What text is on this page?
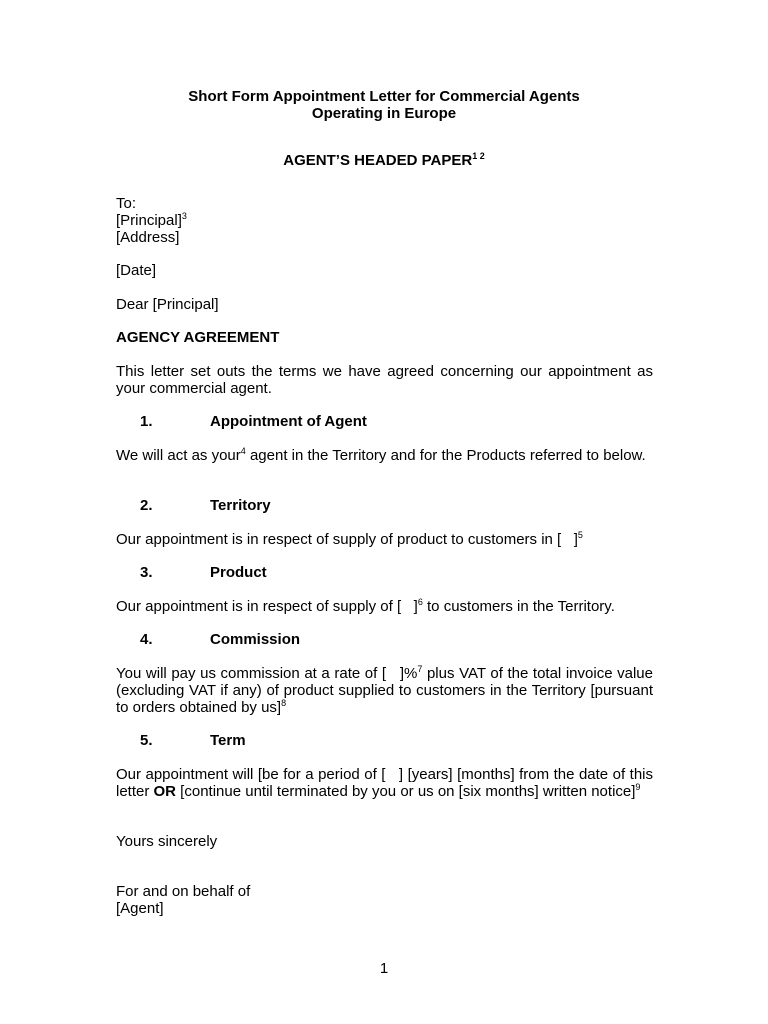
Short Form Appointment Letter for Commercial Agents
Operating in Europe

AGENT’S HEADED $PAPER^{1 2}$

To:
[Principal]$^3$
[Address]

[Date]

Dear [Principal]

AGENCY AGREEMENT

This letter set outs the terms we have agreed concerning our appointment as your commercial agent.

1.	Appointment of Agent

We will act as your$^4$ agent in the Territory and for the Products referred to below.

2.	Territory

Our appointment is in respect of supply of product to customers in [   ]$^5$

3.	Product

Our appointment is in respect of supply of [   ]$^6$ to customers in the Territory.

4.	Commission

You will pay us commission at a rate of [   ]%$^7$ plus VAT of the total invoice value (excluding VAT if any) of product supplied to customers in the Territory [pursuant to orders obtained by us]$^8$

5.	Term

Our appointment will [be for a period of [   ] [years] [months] from the date of this letter OR [continue until terminated by you or us on [six months] written notice]$^9$

Yours sincerely

For and on behalf of
[Agent]

1
